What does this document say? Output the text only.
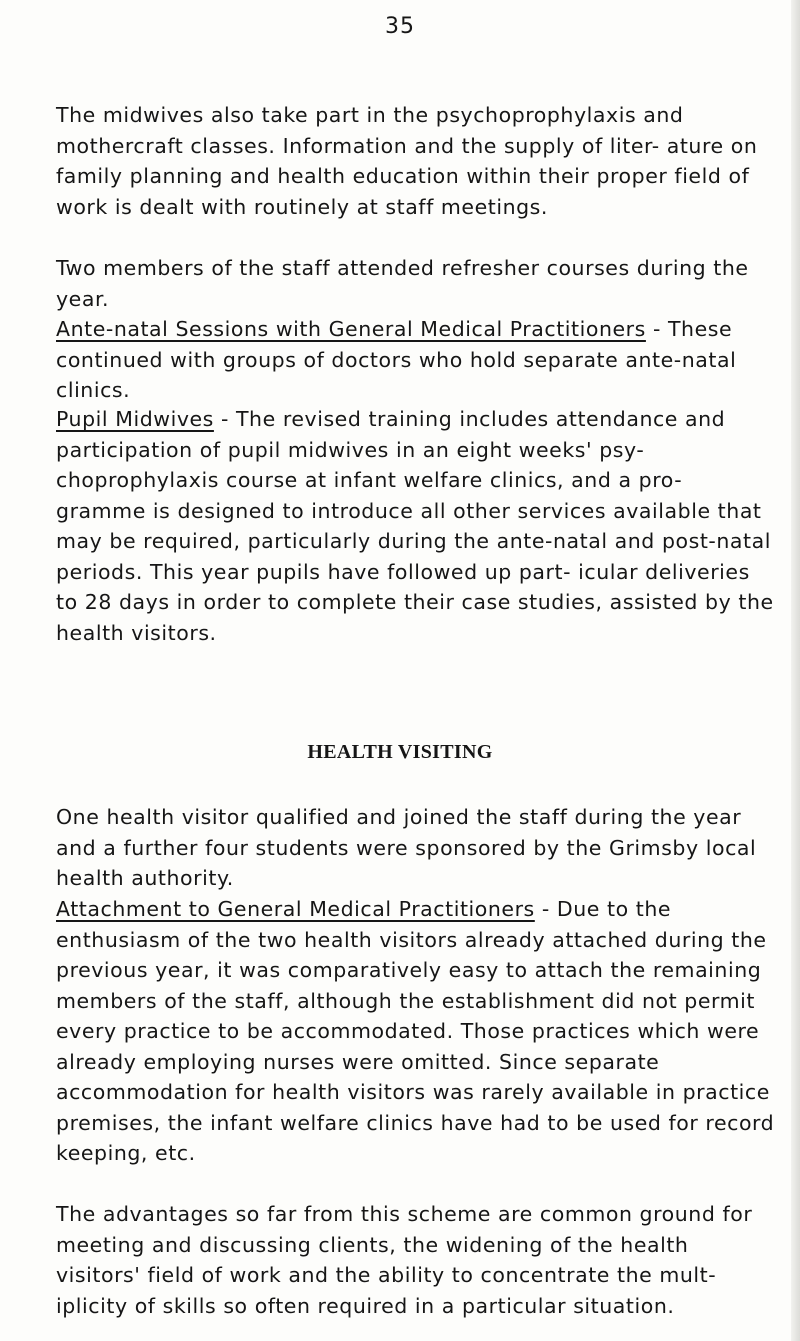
35

The midwives also take part in the psychoprophylaxis and mothercraft classes. Information and the supply of liter- ature on family planning and health education within their proper field of work is dealt with routinely at staff meetings.

Two members of the staff attended refresher courses during the year.

Ante-natal Sessions with General Medical Practitioners - These continued with groups of doctors who hold separate ante-natal clinics.

Pupil Midwives - The revised training includes attendance and participation of pupil midwives in an eight weeks' psy- choprophylaxis course at infant welfare clinics, and a pro- gramme is designed to introduce all other services available that may be required, particularly during the ante-natal and post-natal periods. This year pupils have followed up part- icular deliveries to 28 days in order to complete their case studies, assisted by the health visitors.

HEALTH VISITING

One health visitor qualified and joined the staff during the year and a further four students were sponsored by the Grimsby local health authority.

Attachment to General Medical Practitioners - Due to the enthusiasm of the two health visitors already attached during the previous year, it was comparatively easy to attach the remaining members of the staff, although the establishment did not permit every practice to be accommodated. Those practices which were already employing nurses were omitted. Since separate accommodation for health visitors was rarely available in practice premises, the infant welfare clinics have had to be used for record keeping, etc.

The advantages so far from this scheme are common ground for meeting and discussing clients, the widening of the health visitors' field of work and the ability to concentrate the mult- iplicity of skills so often required in a particular situation.
